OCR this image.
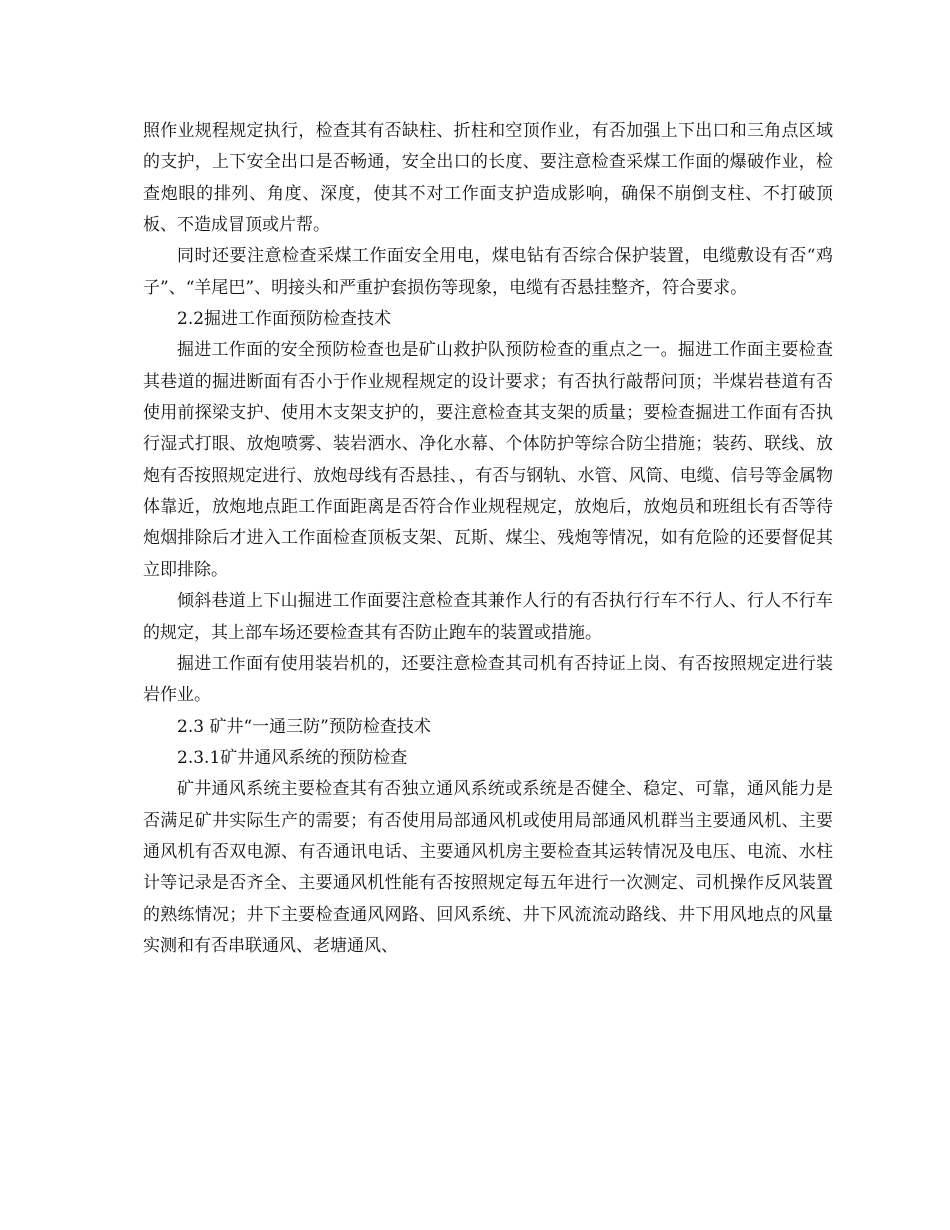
照作业规程规定执行，检查其有否缺柱、折柱和空顶作业，有否加强上下出口和三角点区域的支护，上下安全出口是否畅通，安全出口的长度、要注意检查采煤工作面的爆破作业，检查炮眼的排列、角度、深度，使其不对工作面支护造成影响，确保不崩倒支柱、不打破顶板、不造成冒顶或片帮。

同时还要注意检查采煤工作面安全用电，煤电钻有否综合保护装置，电缆敷设有否“鸡子”、“羊尾巴”、明接头和严重护套损伤等现象，电缆有否悬挂整齐，符合要求。

2.2掘进工作面预防检查技术

掘进工作面的安全预防检查也是矿山救护队预防检查的重点之一。掘进工作面主要检查其巷道的掘进断面有否小于作业规程规定的设计要求；有否执行敲帮问顶；半煤岩巷道有否使用前探梁支护、使用木支架支护的，要注意检查其支架的质量；要检查掘进工作面有否执行湿式打眼、放炮喷雾、装岩洒水、净化水幕、个体防护等综合防尘措施；装药、联线、放炮有否按照规定进行、放炮母线有否悬挂、，有否与钢轨、水管、风筒、电缆、信号等金属物体靠近，放炮地点距工作面距离是否符合作业规程规定，放炮后，放炮员和班组长有否等待炮烟排除后才进入工作面检查顶板支架、瓦斯、煤尘、残炮等情况，如有危险的还要督促其立即排除。

倾斜巷道上下山掘进工作面要注意检查其兼作人行的有否执行行车不行人、行人不行车的规定，其上部车场还要检查其有否防止跑车的装置或措施。

掘进工作面有使用装岩机的，还要注意检查其司机有否持证上岗、有否按照规定进行装岩作业。

2.3 矿井“一通三防”预防检查技术

2.3.1矿井通风系统的预防检查

矿井通风系统主要检查其有否独立通风系统或系统是否健全、稳定、可靠，通风能力是否满足矿井实际生产的需要；有否使用局部通风机或使用局部通风机群当主要通风机、主要通风机有否双电源、有否通讯电话、主要通风机房主要检查其运转情况及电压、电流、水柱计等记录是否齐全、主要通风机性能有否按照规定每五年进行一次测定、司机操作反风装置的熟练情况；井下主要检查通风网路、回风系统、井下风流流动路线、井下用风地点的风量实测和有否串联通风、老塘通风、
